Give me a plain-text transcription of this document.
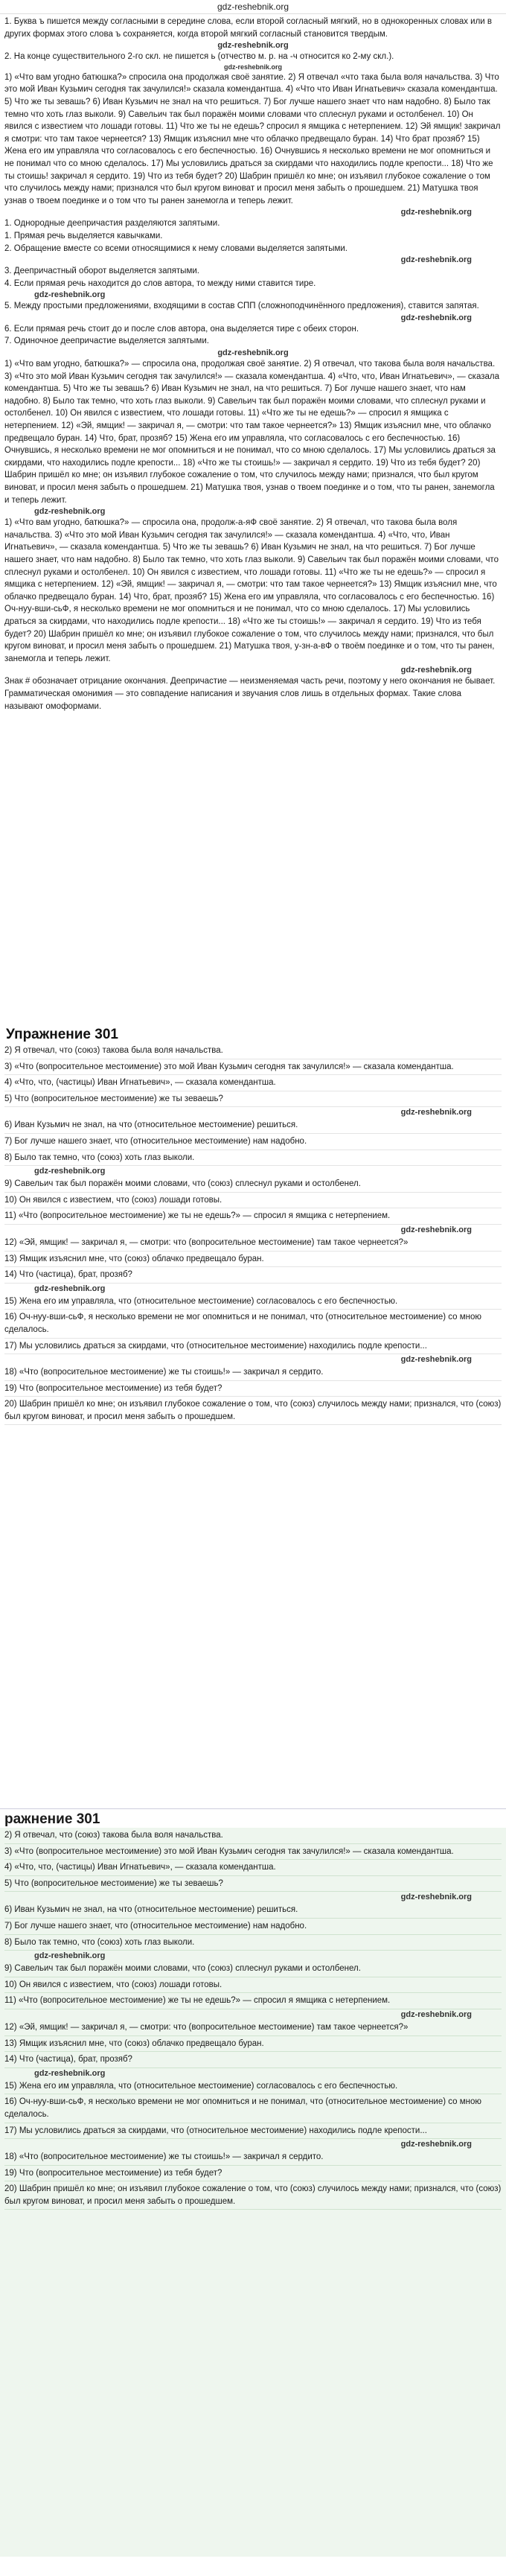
gdz-reshebnik.org

1. Буква ъ пишется между согласными в середине слова, если второй согласный мягкий, но в однокоренных словах или в других формах этого слова ъ сохраняется, когда второй мягкий согласный становится твердым.

gdz-reshebnik.org

2. На конце существительного 2-го скл. не пишется ь (отчество м. р. на -ч относится ко 2-му скл.).

gdz-reshebnik.org

1) «Что вам угодно батюшка?» спросила она продолжая своё занятие. 2) Я отвечал «что така была воля начальства. 3) Что это мой Иван Кузьмич сегодня так зачулился!» сказала комендантша. 4) «Что что Иван Игнатьевич» сказала комендантша. 5) Что же ты зевашь? 6) Иван Кузьмич не знал на что решиться. 7) Бог лучше нашего знает что нам надобно. 8) Было так темно что хоть глаз выколи. 9) Савельич так был поражён моими словами что сплеснул руками и остолбенел. 10) Он явился с известием что лошади готовы. 11) Что же ты не едешь? спросил я ямщика с нетерпением. 12) Эй ямщик! закричал я смотри: что там такое чернеется? 13) Ямщик изъяснил мне что облачко предвещало буран. 14) Что брат прозяб? 15) Жена его им управляла что согласовалось с его беспечностью. 16) Очнувшись я несколько времени не мог опомниться и не понимал что со мною сделалось. 17) Мы условились драться за скирдами что находились подле крепости... 18) Что же ты стоишь! закричал я сердито. 19) Что из тебя будет? 20) Шабрин пришёл ко мне; он изъявил глубокое сожаление о том что случилось между нами; признался что был кругом виноват и просил меня забыть о прошедшем. 21) Матушка твоя узнав о твоем поединке и о том что ты ранен занемогла и теперь лежит.

gdz-reshebnik.org

1. Однородные деепричастия разделяются запятыми.

1. Прямая речь выделяется кавычками.

2. Обращение вместе со всеми относящимися к нему словами выделяется запятыми.

gdz-reshebnik.org

3. Деепричастный оборот выделяется запятыми.

4. Если прямая речь находится до слов автора, то между ними ставится тире.

gdz-reshebnik.org

5. Между простыми предложениями, входящими в состав СПП (сложноподчинённого предложения), ставится запятая.

gdz-reshebnik.org

6. Если прямая речь стоит до и после слов автора, она выделяется тире с обеих сторон.

7. Одиночное деепричастие выделяется запятыми.

gdz-reshebnik.org

1) «Что вам угодно, батюшка?» — спросила она, продолжая своё занятие. 2) Я отвечал, что такова была воля начальства. 3) «Что это мой Иван Кузьмич сегодня так зачулился!» — сказала комендантша. 4) «Что, что, Иван Игнатьевич», — сказала комендантша. 5) Что же ты зевашь? 6) Иван Кузьмич не знал, на что решиться. 7) Бог лучше нашего знает, что нам надобно. 8) Было так темно, что хоть глаз выколи. 9) Савельич так был поражён моими словами, что сплеснул руками и остолбенел. 10) Он явился с известием, что лошади готовы. 11) «Что же ты не едешь?» — спросил я ямщика с нетерпением. 12) «Эй, ямщик! — закричал я, — смотри: что там такое чернеется?» 13) Ямщик изъяснил мне, что облачко предвещало буран. 14) Что, брат, прозяб? 15) Жена его им управляла, что согласовалось с его беспечностью. 16) Очнувшись, я несколько времени не мог опомниться и не понимал, что со мною сделалось. 17) Мы условились драться за скирдами, что находились подле крепости... 18) «Что же ты стоишь!» — закричал я сердито. 19) Что из тебя будет? 20) Шабрин пришёл ко мне; он изъявил глубокое сожаление о том, что случилось между нами; признался, что был кругом виноват, и просил меня забыть о прошедшем. 21) Матушка твоя, узнав о твоем поединке и о том, что ты ранен, занемогла и теперь лежит.

gdz-reshebnik.org

1) «Что вам угодно, батюшка?» — спросила она, продолж-а-яФ своё занятие. 2) Я отвечал, что такова была воля начальства. 3) «Что это мой Иван Кузьмич сегодня так зачулился!» — сказала комендантша. 4) «Что, что, Иван Игнатьевич», — сказала комендантша. 5) Что же ты зевашь? 6) Иван Кузьмич не знал, на что решиться. 7) Бог лучше нашего знает, что нам надобно. 8) Было так темно, что хоть глаз выколи. 9) Савельич так был поражён моими словами, что сплеснул руками и остолбенел. 10) Он явился с известием, что лошади готовы. 11) «Что же ты не едешь?» — спросил я ямщика с нетерпением. 12) «Эй, ямщик! — закричал я, — смотри: что там такое чернеется?» 13) Ямщик изъяснил мне, что облачко предвещало буран. 14) Что, брат, прозяб? 15) Жена его им управляла, что согласовалось с его беспечностью. 16) Оч-нуу-вши-сьФ, я несколько времени не мог опомниться и не понимал, что со мною сделалось. 17) Мы условились драться за скирдами, что находились подле крепости... 18) «Что же ты стоишь!» — закричал я сердито. 19) Что из тебя будет? 20) Шабрин пришёл ко мне; он изъявил глубокое сожаление о том, что случилось между нами; признался, что был кругом виноват, и просил меня забыть о прошедшем. 21) Матушка твоя, у-зн-а-вФ о твоём поединке и о том, что ты ранен, занемогла и теперь лежит.

gdz-reshebnik.org

Знак # обозначает отрицание окончания. Деепричастие — неизменяемая часть речи, поэтому у него окончания не бывает.

Грамматическая омонимия — это совпадение написания и звучания слов лишь в отдельных формах. Такие слова называют омоформами.

Упражнение 301
2) Я отвечал, что (союз) такова была воля начальства.
3) «Что (вопросительное местоимение) это мой Иван Кузьмич сегодня так зачулился!» — сказала комендантша.
4) «Что, что, (частицы) Иван Игнатьевич», — сказала комендантша.
5) Что (вопросительное местоимение) же ты зеваешь?
gdz-reshebnik.org
6) Иван Кузьмич не знал, на что (относительное местоимение) решиться.
7) Бог лучше нашего знает, что (относительное местоимение) нам надобно.
8) Было так темно, что (союз) хоть глаз выколи.
gdz-reshebnik.org
9) Савельич так был поражён моими словами, что (союз) сплеснул руками и остолбенел.
10) Он явился с известием, что (союз) лошади готовы.
11) «Что (вопросительное местоимение) же ты не едешь?» — спросил я ямщика с нетерпением.
gdz-reshebnik.org
12) «Эй, ямщик! — закричал я, — смотри: что (вопросительное местоимение) там такое чернеется?»
13) Ямщик изъяснил мне, что (союз) облачко предвещало буран.
14) Что (частица), брат, прозяб?
gdz-reshebnik.org
15) Жена его им управляла, что (относительное местоимение) согласовалось с его беспечностью.
16) Оч-нуу-вши-сьФ, я несколько времени не мог опомниться и не понимал, что (относительное местоимение) со мною сделалось.
17) Мы условились драться за скирдами, что (относительное местоимение) находились подле крепости...
gdz-reshebnik.org
18) «Что (вопросительное местоимение) же ты стоишь!» — закричал я сердито.
19) Что (вопросительное местоимение) из тебя будет?
20) Шабрин пришёл ко мне; он изъявил глубокое сожаление о том, что (союз) случилось между нами; признался, что (союз) был кругом виноват, и просил меня забыть о прошедшем.
ражнение 301
2) Я отвечал, что (союз) такова была воля начальства.
3) «Что (вопросительное местоимение) это мой Иван Кузьмич сегодня так зачулился!» — сказала комендантша.
4) «Что, что, (частицы) Иван Игнатьевич», — сказала комендантша.
5) Что (вопросительное местоимение) же ты зеваешь?
gdz-reshebnik.org
6) Иван Кузьмич не знал, на что (относительное местоимение) решиться.
7) Бог лучше нашего знает, что (относительное местоимение) нам надобно.
8) Было так темно, что (союз) хоть глаз выколи.
gdz-reshebnik.org
9) Савельич так был поражён моими словами, что (союз) сплеснул руками и остолбенел.
10) Он явился с известием, что (союз) лошади готовы.
11) «Что (вопросительное местоимение) же ты не едешь?» — спросил я ямщика с нетерпением.
gdz-reshebnik.org
12) «Эй, ямщик! — закричал я, — смотри: что (вопросительное местоимение) там такое чернеется?»
13) Ямщик изъяснил мне, что (союз) облачко предвещало буран.
14) Что (частица), брат, прозяб?
gdz-reshebnik.org
15) Жена его им управляла, что (относительное местоимение) согласовалось с его беспечностью.
16) Оч-нуу-вши-сьФ, я несколько времени не мог опомниться и не понимал, что (относительное местоимение) со мною сделалось.
17) Мы условились драться за скирдами, что (относительное местоимение) находились подле крепости...
gdz-reshebnik.org
18) «Что (вопросительное местоимение) же ты стоишь!» — закричал я сердито.
19) Что (вопросительное местоимение) из тебя будет?
20) Шабрин пришёл ко мне; он изъявил глубокое сожаление о том, что (союз) случилось между нами; признался, что (союз) был кругом виноват, и просил меня забыть о прошедшем.
